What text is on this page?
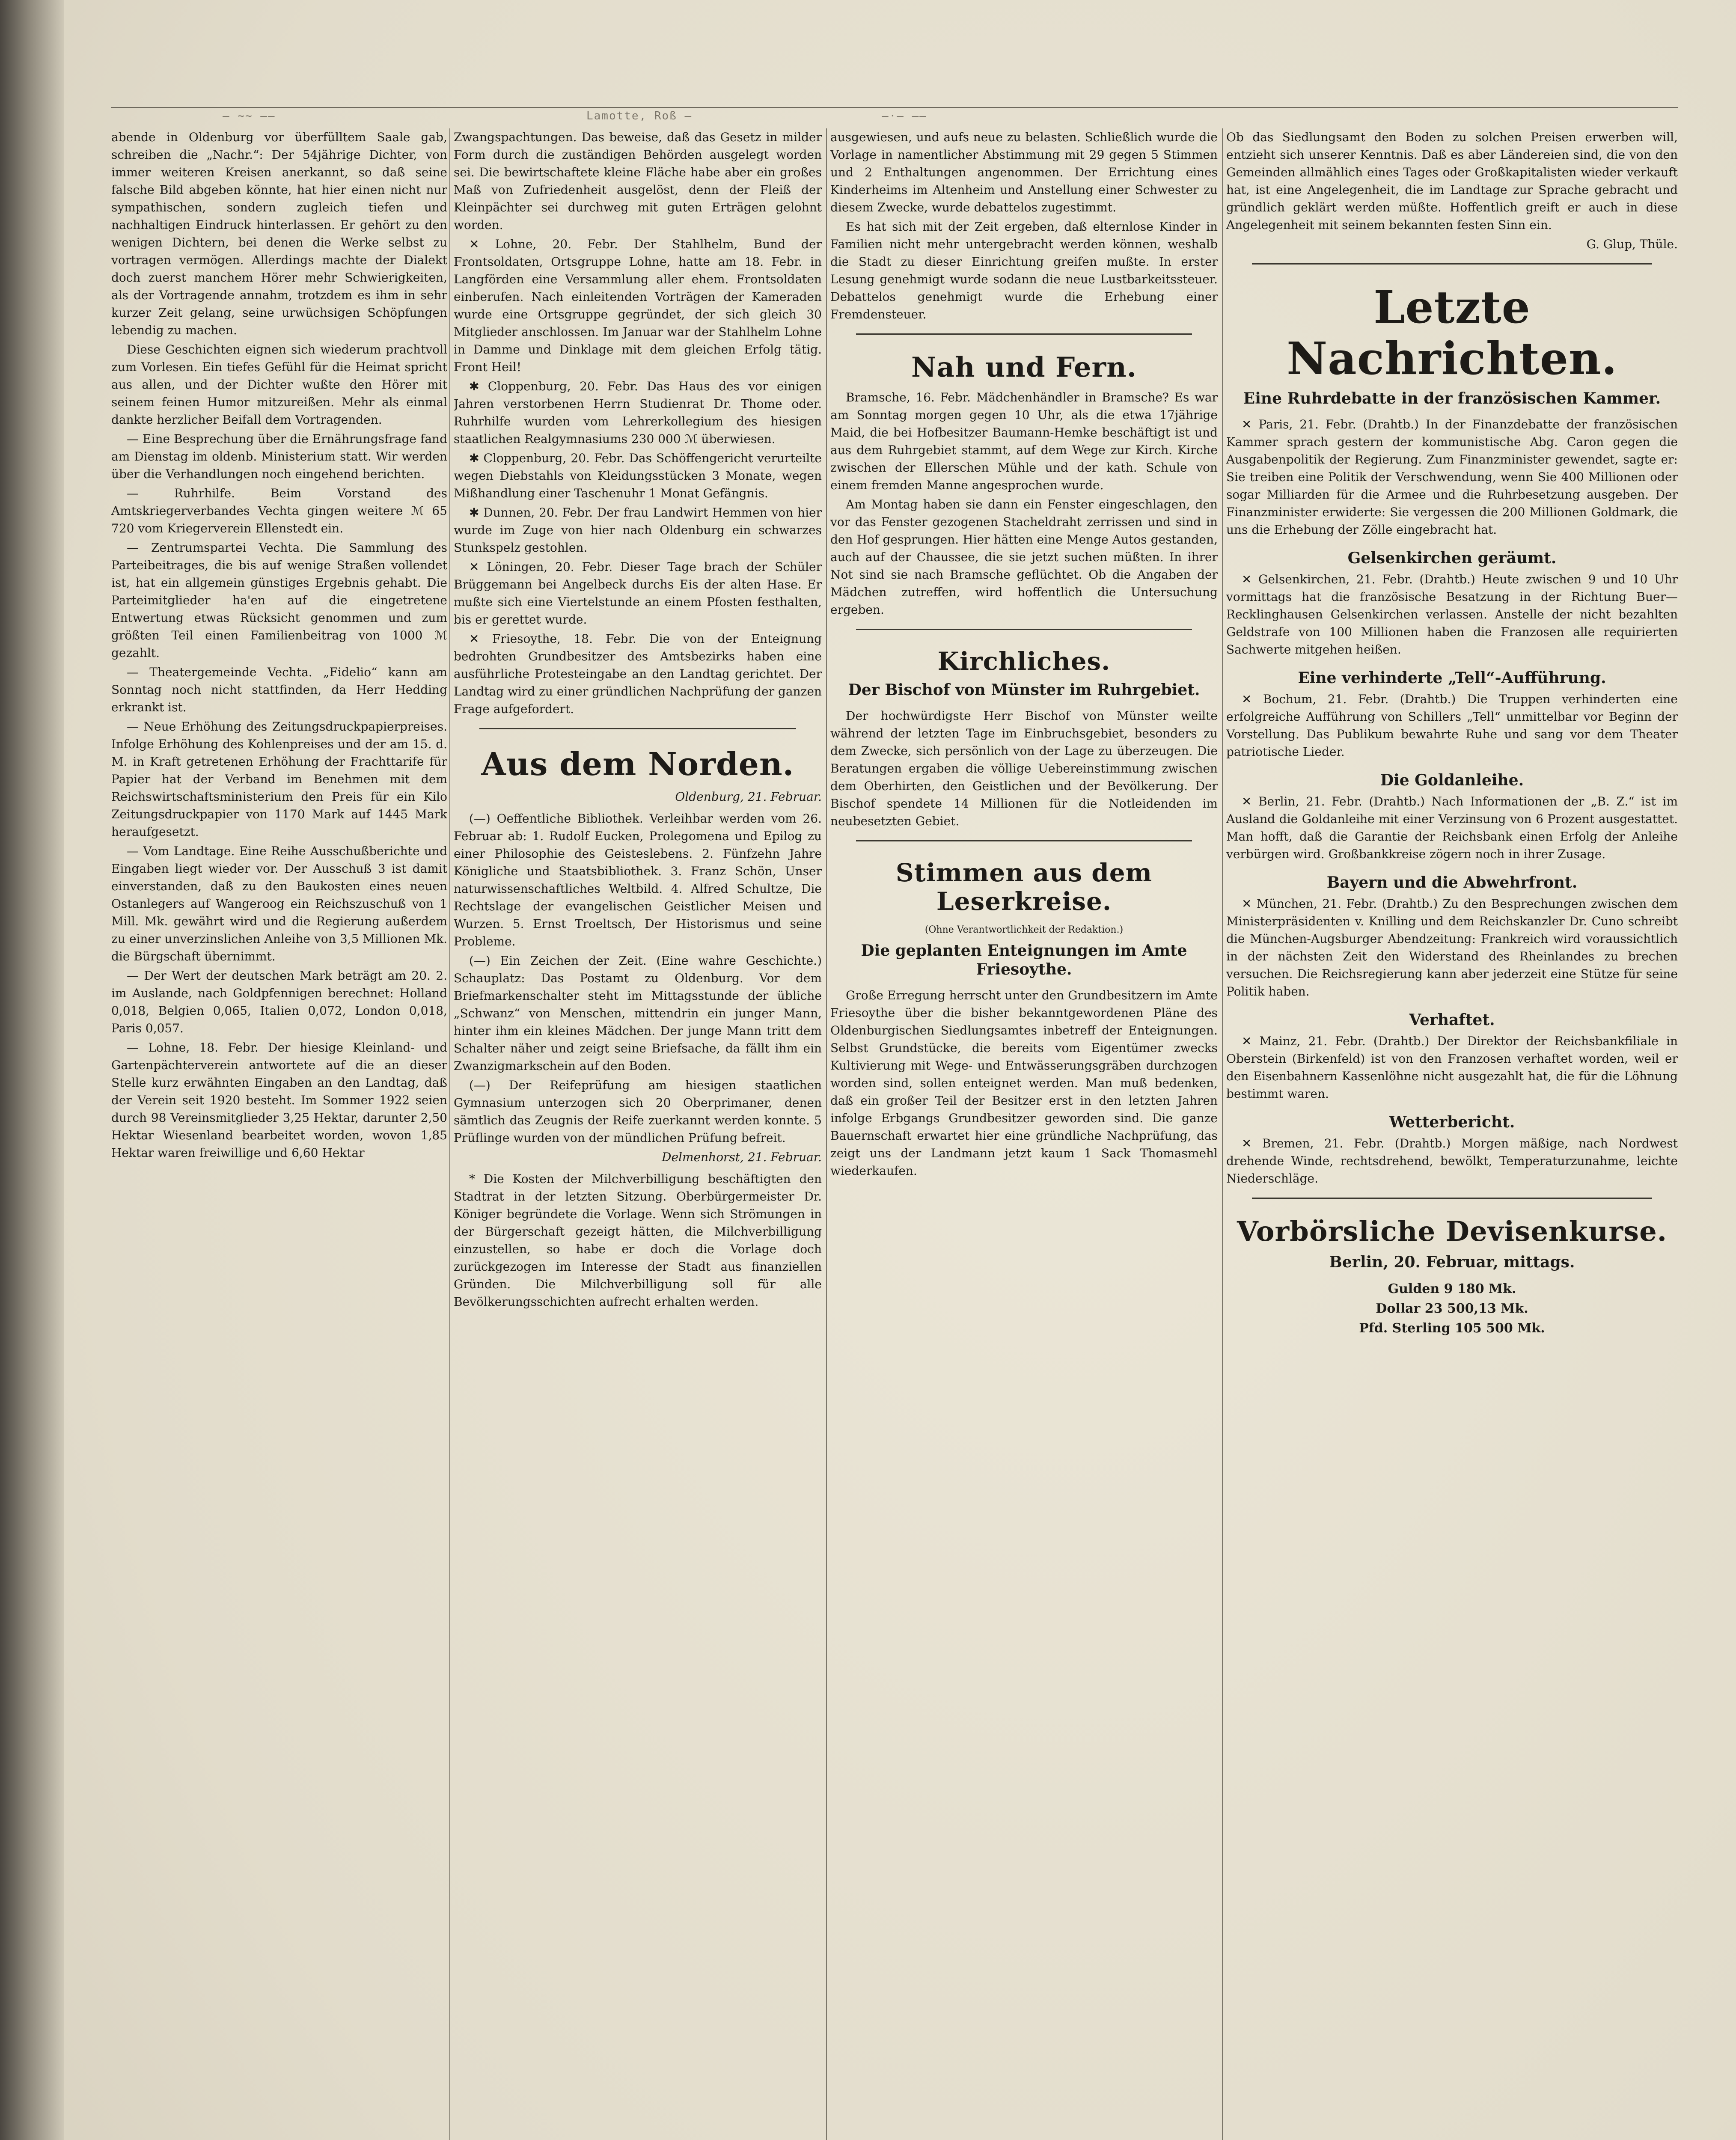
— ~~ ——	Lamotte, Roß —	—·— ——

abende in Oldenburg vor überfülltem Saale gab, schreiben die „Nachr.“: Der 54jährige Dichter, von immer weiteren Kreisen anerkannt, so daß seine falsche Bild abgeben könnte, hat hier einen nicht nur sympathischen, sondern zugleich tiefen und nachhaltigen Eindruck hinterlassen. Er gehört zu den wenigen Dichtern, bei denen die Werke selbst zu vortragen vermögen. Allerdings machte der Dialekt doch zuerst manchem Hörer mehr Schwierigkeiten, als der Vortragende annahm, trotzdem es ihm in sehr kurzer Zeit gelang, seine urwüchsigen Schöpfungen lebendig zu machen.

Diese Geschichten eignen sich wiederum prachtvoll zum Vorlesen. Ein tiefes Gefühl für die Heimat spricht aus allen, und der Dichter wußte den Hörer mit seinem feinen Humor mitzureißen. Mehr als einmal dankte herzlicher Beifall dem Vortragenden.

— Eine Besprechung über die Ernährungsfrage fand am Dienstag im oldenb. Ministerium statt. Wir werden über die Verhandlungen noch eingehend berichten.

— Ruhrhilfe. Beim Vorstand des Amtskriegerverbandes Vechta gingen weitere ℳ 65 720 vom Kriegerverein Ellenstedt ein.

— Zentrumspartei Vechta. Die Sammlung des Parteibeitrages, die bis auf wenige Straßen vollendet ist, hat ein allgemein günstiges Ergebnis gehabt. Die Parteimitglieder ha'en auf die eingetretene Entwertung etwas Rücksicht genommen und zum größten Teil einen Familienbeitrag von 1000 ℳ gezahlt.

— Theatergemeinde Vechta. „Fidelio“ kann am Sonntag noch nicht stattfinden, da Herr Hedding erkrankt ist.

— Neue Erhöhung des Zeitungsdruckpapierpreises. Infolge Erhöhung des Kohlenpreises und der am 15. d. M. in Kraft getretenen Erhöhung der Frachttarife für Papier hat der Verband im Benehmen mit dem Reichswirtschaftsministerium den Preis für ein Kilo Zeitungsdruckpapier von 1170 Mark auf 1445 Mark heraufgesetzt.

— Vom Landtage. Eine Reihe Ausschußberichte und Eingaben liegt wieder vor. Der Ausschuß 3 ist damit einverstanden, daß zu den Baukosten eines neuen Ostanlegers auf Wangeroog ein Reichszuschuß von 1 Mill. Mk. gewährt wird und die Regierung außerdem zu einer unverzinslichen Anleihe von 3,5 Millionen Mk. die Bürgschaft übernimmt.

— Der Wert der deutschen Mark beträgt am 20. 2. im Auslande, nach Goldpfennigen berechnet: Holland 0,018, Belgien 0,065, Italien 0,072, London 0,018, Paris 0,057.

— Lohne, 18. Febr. Der hiesige Kleinland- und Gartenpächterverein antwortete auf die an dieser Stelle kurz erwähnten Eingaben an den Landtag, daß der Verein seit 1920 besteht. Im Sommer 1922 seien durch 98 Vereinsmitglieder 3,25 Hektar, darunter 2,50 Hektar Wiesenland bearbeitet worden, wovon 1,85 Hektar waren freiwillige und 6,60 Hektar

Zwangspachtungen. Das beweise, daß das Gesetz in milder Form durch die zuständigen Behörden ausgelegt worden sei. Die bewirtschaftete kleine Fläche habe aber ein großes Maß von Zufriedenheit ausgelöst, denn der Fleiß der Kleinpächter sei durchweg mit guten Erträgen gelohnt worden.

✕ Lohne, 20. Febr. Der Stahlhelm, Bund der Frontsoldaten, Ortsgruppe Lohne, hatte am 18. Febr. in Langförden eine Versammlung aller ehem. Frontsoldaten einberufen. Nach einleitenden Vorträgen der Kameraden wurde eine Ortsgruppe gegründet, der sich gleich 30 Mitglieder anschlossen. Im Januar war der Stahlhelm Lohne in Damme und Dinklage mit dem gleichen Erfolg tätig. Front Heil!

✱ Cloppenburg, 20. Febr. Das Haus des vor einigen Jahren verstorbenen Herrn Studienrat Dr. Thome oder. Ruhrhilfe wurden vom Lehrerkollegium des hiesigen staatlichen Realgymnasiums 230 000 ℳ überwiesen.

✱ Cloppenburg, 20. Febr. Das Schöffengericht verurteilte wegen Diebstahls von Kleidungsstücken 3 Monate, wegen Mißhandlung einer Taschenuhr 1 Monat Gefängnis.

✱ Dunnen, 20. Febr. Der frau Landwirt Hemmen von hier wurde im Zuge von hier nach Oldenburg ein schwarzes Stunkspelz gestohlen.

✕ Löningen, 20. Febr. Dieser Tage brach der Schüler Brüggemann bei Angelbeck durchs Eis der alten Hase. Er mußte sich eine Viertelstunde an einem Pfosten festhalten, bis er gerettet wurde.

✕ Friesoythe, 18. Febr. Die von der Enteignung bedrohten Grundbesitzer des Amtsbezirks haben eine ausführliche Protesteingabe an den Landtag gerichtet. Der Landtag wird zu einer gründlichen Nachprüfung der ganzen Frage aufgefordert.

Aus dem Norden.
Oldenburg, 21. Februar.

(—) Oeffentliche Bibliothek. Verleihbar werden vom 26. Februar ab: 1. Rudolf Eucken, Prolegomena und Epilog zu einer Philosophie des Geisteslebens. 2. Fünfzehn Jahre Königliche und Staatsbibliothek. 3. Franz Schön, Unser naturwissenschaftliches Weltbild. 4. Alfred Schultze, Die Rechtslage der evangelischen Geistlicher Meisen und Wurzen. 5. Ernst Troeltsch, Der Historismus und seine Probleme.

(—) Ein Zeichen der Zeit. (Eine wahre Geschichte.) Schauplatz: Das Postamt zu Oldenburg. Vor dem Briefmarkenschalter steht im Mittagsstunde der übliche „Schwanz“ von Menschen, mittendrin ein junger Mann, hinter ihm ein kleines Mädchen. Der junge Mann tritt dem Schalter näher und zeigt seine Briefsache, da fällt ihm ein Zwanzigmarkschein auf den Boden.

(—) Der Reifeprüfung am hiesigen staatlichen Gymnasium unterzogen sich 20 Oberprimaner, denen sämtlich das Zeugnis der Reife zuerkannt werden konnte. 5 Prüflinge wurden von der mündlichen Prüfung befreit.

Delmenhorst, 21. Februar.

* Die Kosten der Milchverbilligung beschäftigten den Stadtrat in der letzten Sitzung. Oberbürgermeister Dr. Königer begründete die Vorlage. Wenn sich Strömungen in der Bürgerschaft gezeigt hätten, die Milchverbilligung einzustellen, so habe er doch die Vorlage doch zurückgezogen im Interesse der Stadt aus finanziellen Gründen. Die Milchverbilligung soll für alle Bevölkerungsschichten aufrecht erhalten werden.

ausgewiesen, und aufs neue zu belasten. Schließlich wurde die Vorlage in namentlicher Abstimmung mit 29 gegen 5 Stimmen und 2 Enthaltungen angenommen. Der Errichtung eines Kinderheims im Altenheim und Anstellung einer Schwester zu diesem Zwecke, wurde debattelos zugestimmt.

Es hat sich mit der Zeit ergeben, daß elternlose Kinder in Familien nicht mehr untergebracht werden können, weshalb die Stadt zu dieser Einrichtung greifen mußte. In erster Lesung genehmigt wurde sodann die neue Lustbarkeitssteuer. Debattelos genehmigt wurde die Erhebung einer Fremdensteuer.

Nah und Fern.

Bramsche, 16. Febr. Mädchenhändler in Bramsche? Es war am Sonntag morgen gegen 10 Uhr, als die etwa 17jährige Maid, die bei Hofbesitzer Baumann-Hemke beschäftigt ist und aus dem Ruhrgebiet stammt, auf dem Wege zur Kirch. Kirche zwischen der Ellerschen Mühle und der kath. Schule von einem fremden Manne angesprochen wurde.

Am Montag haben sie dann ein Fenster eingeschlagen, den vor das Fenster gezogenen Stacheldraht zerrissen und sind in den Hof gesprungen. Hier hätten eine Menge Autos gestanden, auch auf der Chaussee, die sie jetzt suchen müßten. In ihrer Not sind sie nach Bramsche geflüchtet. Ob die Angaben der Mädchen zutreffen, wird hoffentlich die Untersuchung ergeben.

Kirchliches.
Der Bischof von Münster im Ruhrgebiet.

Der hochwürdigste Herr Bischof von Münster weilte während der letzten Tage im Einbruchsgebiet, besonders zu dem Zwecke, sich persönlich von der Lage zu überzeugen. Die Beratungen ergaben die völlige Uebereinstimmung zwischen dem Oberhirten, den Geistlichen und der Bevölkerung. Der Bischof spendete 14 Millionen für die Notleidenden im neubesetzten Gebiet.

Stimmen aus dem Leserkreise.
(Ohne Verantwortlichkeit der Redaktion.)
Die geplanten Enteignungen im Amte Friesoythe.

Große Erregung herrscht unter den Grundbesitzern im Amte Friesoythe über die bisher bekanntgewordenen Pläne des Oldenburgischen Siedlungsamtes inbetreff der Enteignungen. Selbst Grundstücke, die bereits vom Eigentümer zwecks Kultivierung mit Wege- und Entwässerungsgräben durchzogen worden sind, sollen enteignet werden. Man muß bedenken, daß ein großer Teil der Besitzer erst in den letzten Jahren infolge Erbgangs Grundbesitzer geworden sind. Die ganze Bauernschaft erwartet hier eine gründliche Nachprüfung, das zeigt uns der Landmann jetzt kaum 1 Sack Thomasmehl wiederkaufen.

Ob das Siedlungsamt den Boden zu solchen Preisen erwerben will, entzieht sich unserer Kenntnis. Daß es aber Ländereien sind, die von den Gemeinden allmählich eines Tages oder Großkapitalisten wieder verkauft hat, ist eine Angelegenheit, die im Landtage zur Sprache gebracht und gründlich geklärt werden müßte. Hoffentlich greift er auch in diese Angelegenheit mit seinem bekannten festen Sinn ein.

G. Glup, Thüle.
Letzte Nachrichten.
Eine Ruhrdebatte in der französischen Kammer.

✕ Paris, 21. Febr. (Drahtb.) In der Finanzdebatte der französischen Kammer sprach gestern der kommunistische Abg. Caron gegen die Ausgabenpolitik der Regierung. Zum Finanzminister gewendet, sagte er: Sie treiben eine Politik der Verschwendung, wenn Sie 400 Millionen oder sogar Milliarden für die Armee und die Ruhrbesetzung ausgeben. Der Finanzminister erwiderte: Sie vergessen die 200 Millionen Goldmark, die uns die Erhebung der Zölle eingebracht hat.

Gelsenkirchen geräumt.

✕ Gelsenkirchen, 21. Febr. (Drahtb.) Heute zwischen 9 und 10 Uhr vormittags hat die französische Besatzung in der Richtung Buer—Recklinghausen Gelsenkirchen verlassen. Anstelle der nicht bezahlten Geldstrafe von 100 Millionen haben die Franzosen alle requirierten Sachwerte mitgehen heißen.

Eine verhinderte „Tell“-Aufführung.

✕ Bochum, 21. Febr. (Drahtb.) Die Truppen verhinderten eine erfolgreiche Aufführung von Schillers „Tell“ unmittelbar vor Beginn der Vorstellung. Das Publikum bewahrte Ruhe und sang vor dem Theater patriotische Lieder.

Die Goldanleihe.

✕ Berlin, 21. Febr. (Drahtb.) Nach Informationen der „B. Z.“ ist im Ausland die Goldanleihe mit einer Verzinsung von 6 Prozent ausgestattet. Man hofft, daß die Garantie der Reichsbank einen Erfolg der Anleihe verbürgen wird. Großbankkreise zögern noch in ihrer Zusage.

Bayern und die Abwehrfront.

✕ München, 21. Febr. (Drahtb.) Zu den Besprechungen zwischen dem Ministerpräsidenten v. Knilling und dem Reichskanzler Dr. Cuno schreibt die München-Augsburger Abendzeitung: Frankreich wird voraussichtlich in der nächsten Zeit den Widerstand des Rheinlandes zu brechen versuchen. Die Reichsregierung kann aber jederzeit eine Stütze für seine Politik haben.

Verhaftet.

✕ Mainz, 21. Febr. (Drahtb.) Der Direktor der Reichsbankfiliale in Oberstein (Birkenfeld) ist von den Franzosen verhaftet worden, weil er den Eisenbahnern Kassenlöhne nicht ausgezahlt hat, die für die Löhnung bestimmt waren.

Wetterbericht.

✕ Bremen, 21. Febr. (Drahtb.) Morgen mäßige, nach Nordwest drehende Winde, rechtsdrehend, bewölkt, Temperaturzunahme, leichte Niederschläge.

Vorbörsliche Devisenkurse.
Berlin, 20. Februar, mittags.
Gulden 9 180 Mk.
Dollar 23 500,13 Mk.
Pfd. Sterling 105 500 Mk.
